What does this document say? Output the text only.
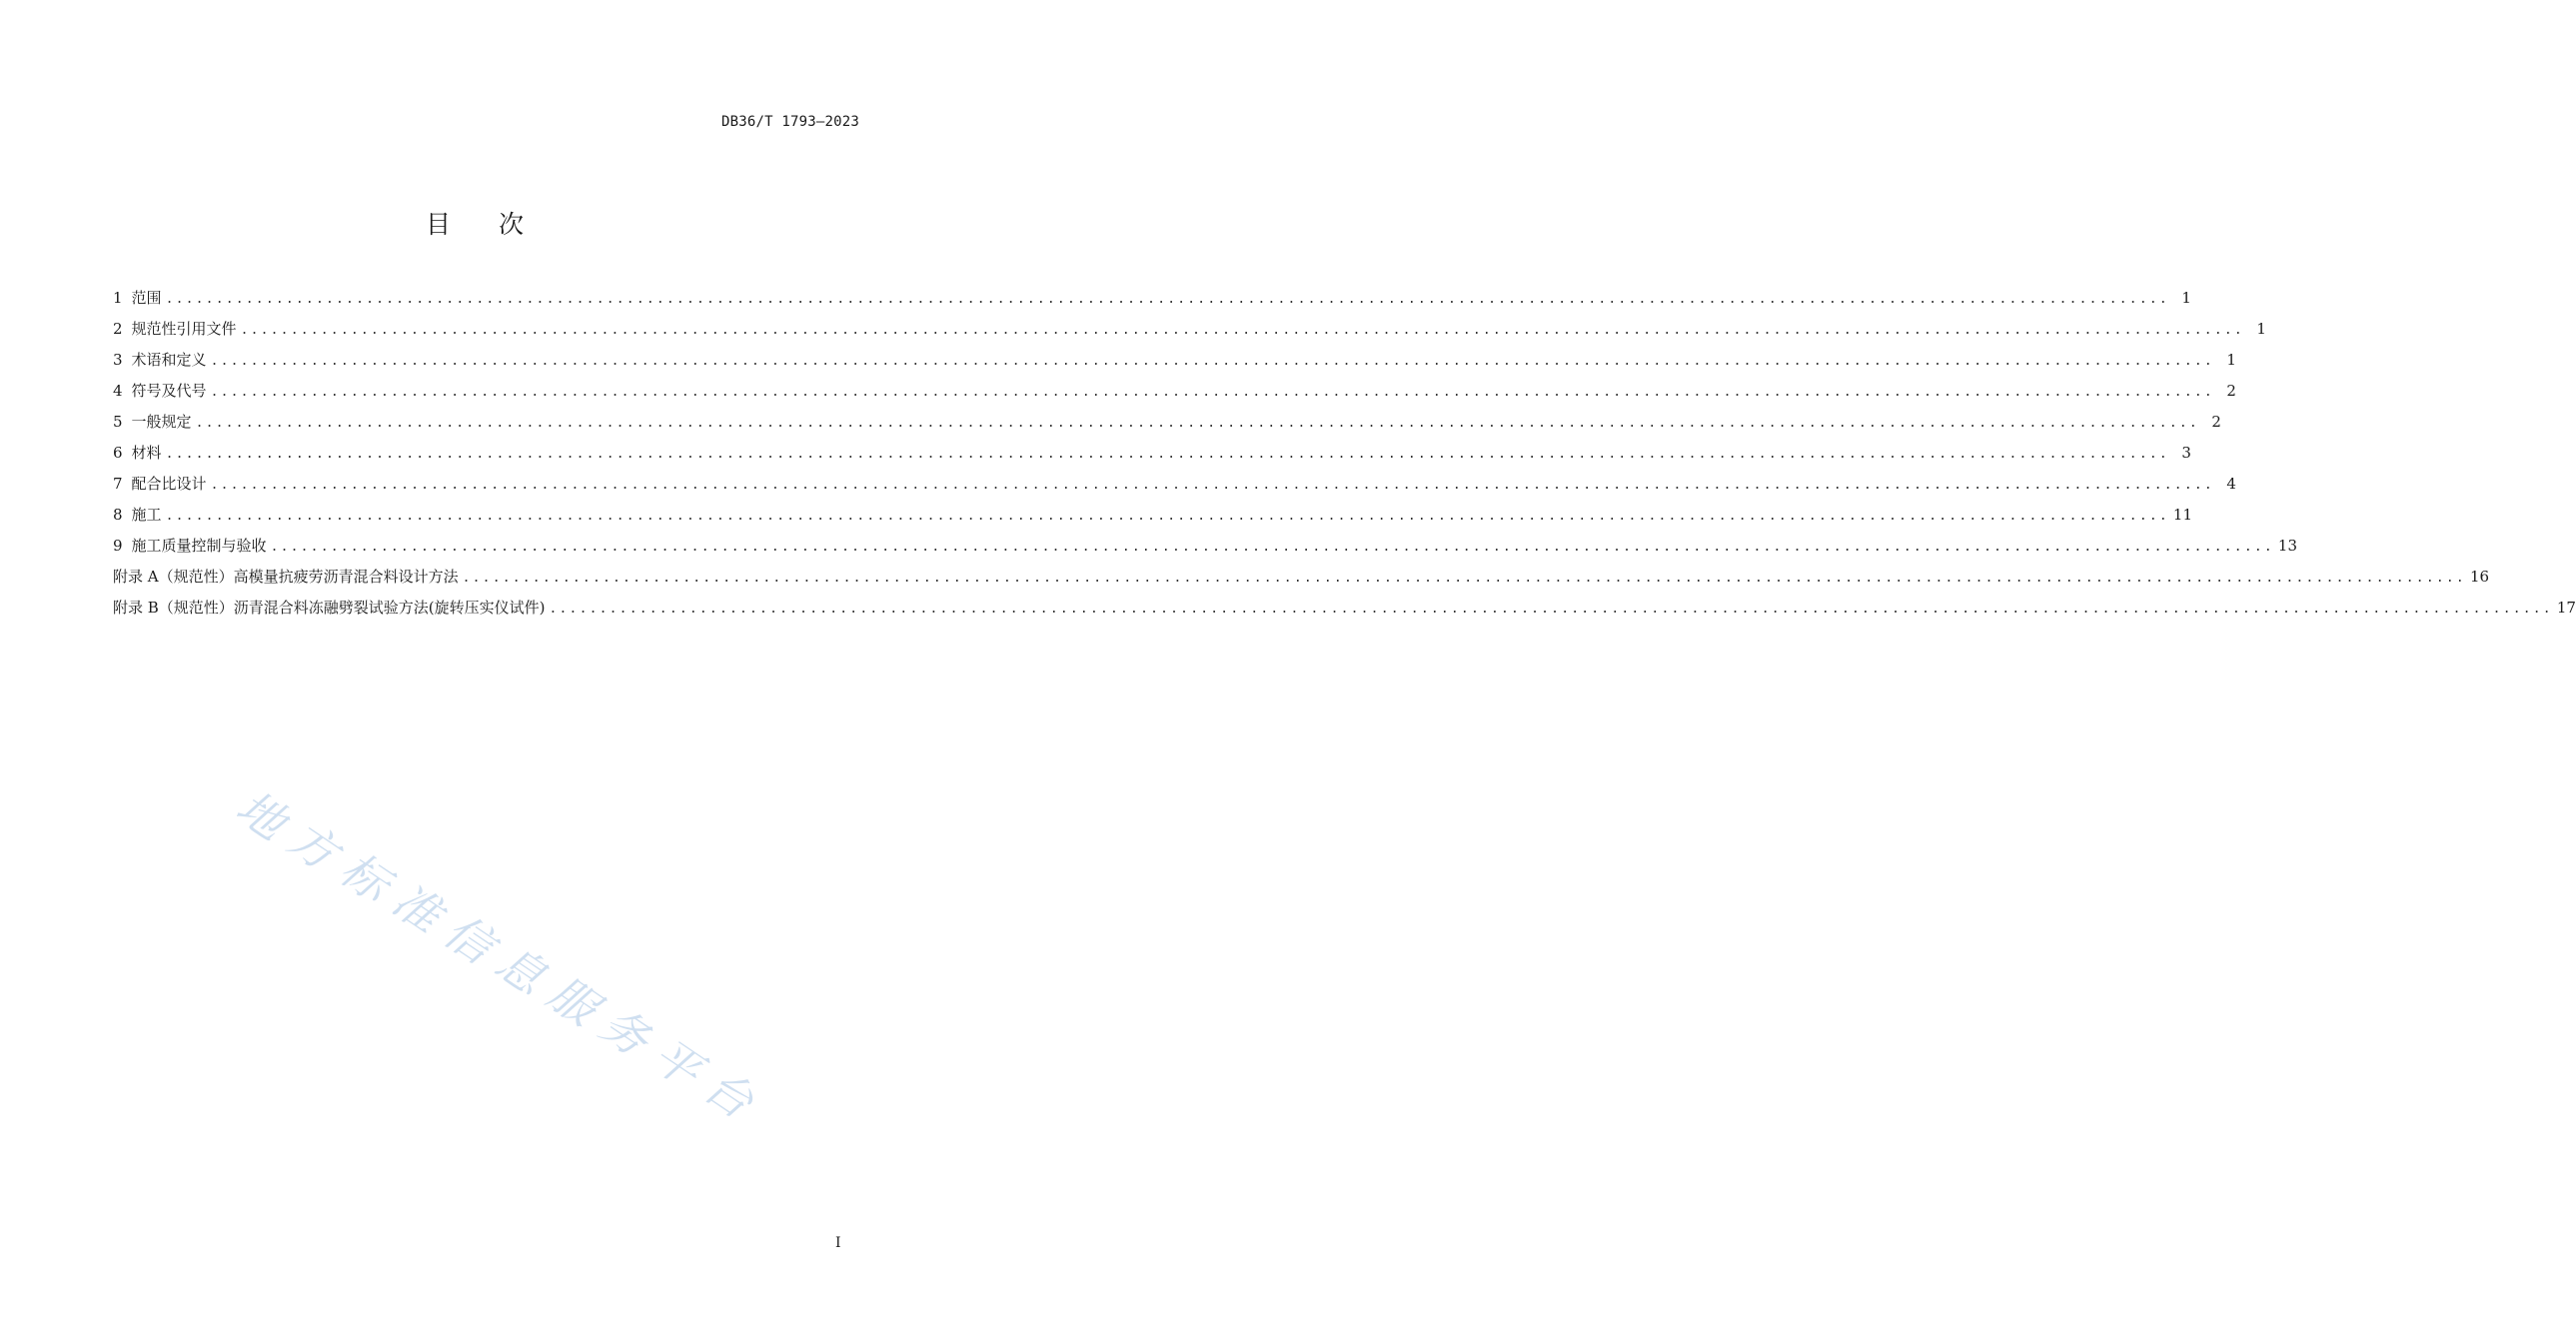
DB36/T 1793—2023
目 次
1 范围 ........................................................................................................................................................................................................ 1
2 规范性引用文件 ........................................................................................................................................................................................................ 1
3 术语和定义 ........................................................................................................................................................................................................ 1
4 符号及代号 ........................................................................................................................................................................................................ 2
5 一般规定 ........................................................................................................................................................................................................ 2
6 材料 ........................................................................................................................................................................................................ 3
7 配合比设计 ........................................................................................................................................................................................................ 4
8 施工 ........................................................................................................................................................................................................ 11
9 施工质量控制与验收 ........................................................................................................................................................................................................ 13
附录 A（规范性）高模量抗疲劳沥青混合料设计方法 ........................................................................................................................................................................................................ 16
附录 B（规范性）沥青混合料冻融劈裂试验方法(旋转压实仪试件) ........................................................................................................................................................................................................ 17
地
方
标
准
信
息
服
务
平
台
I
